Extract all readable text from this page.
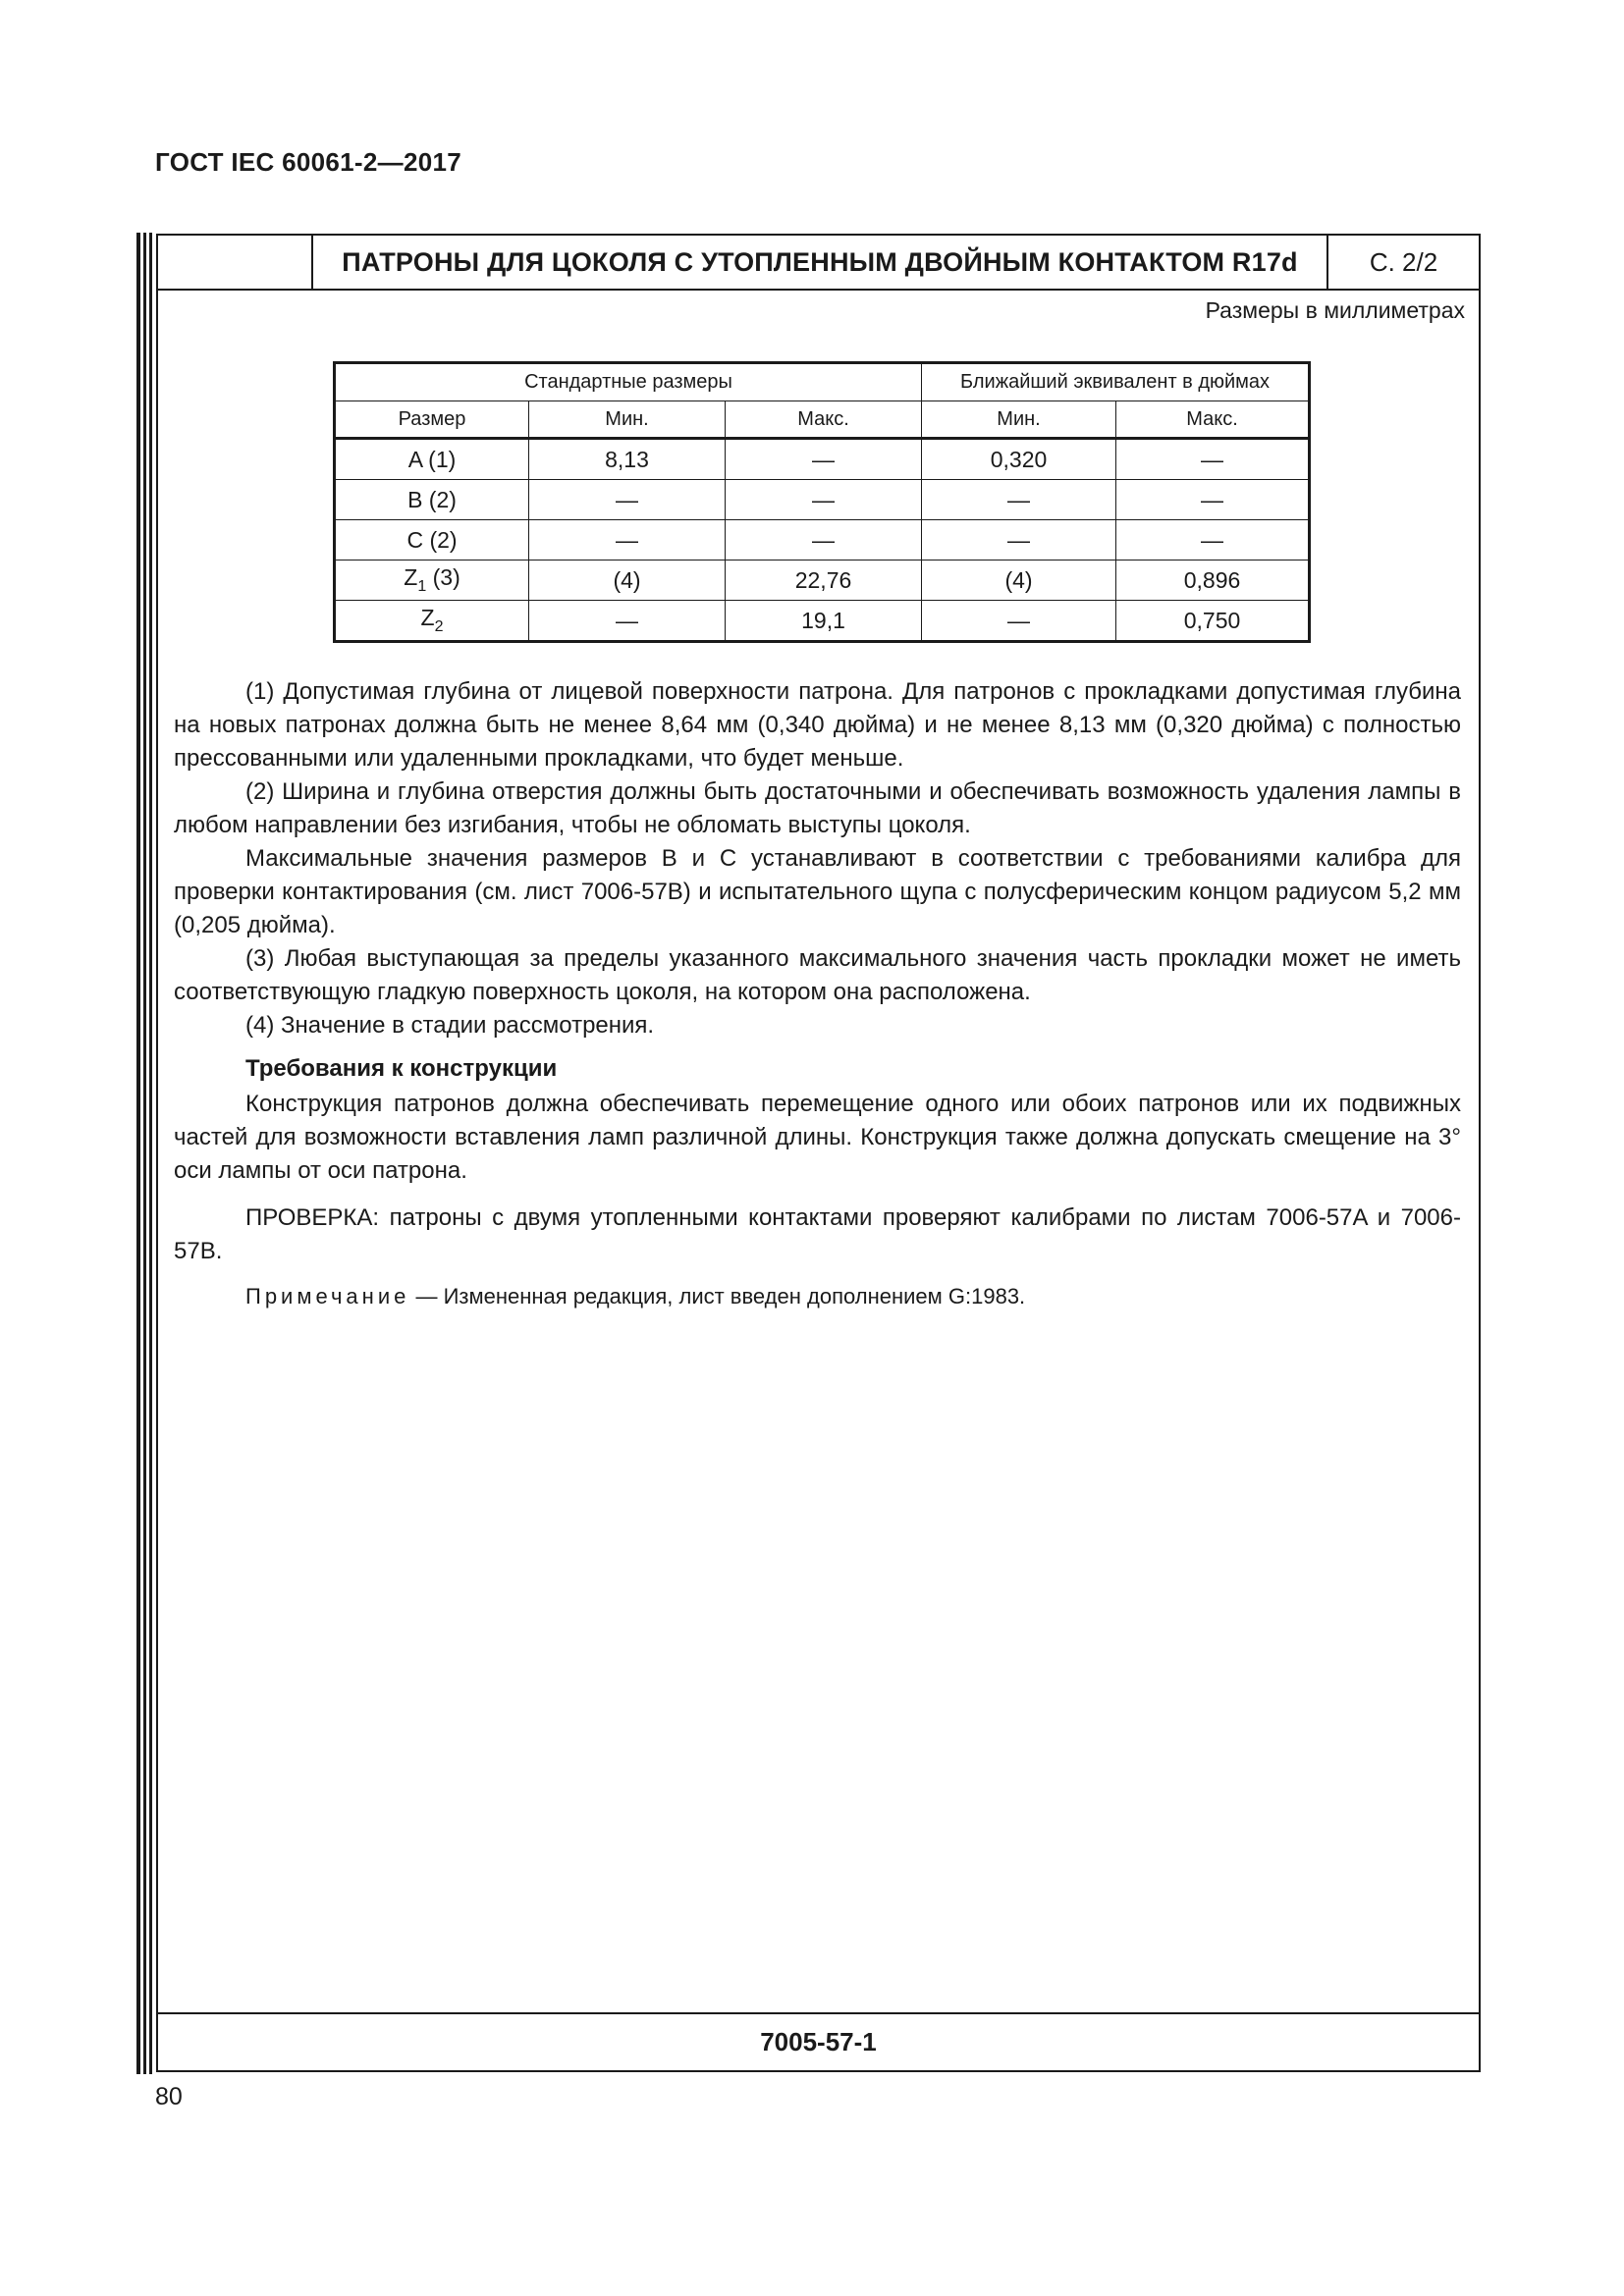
ГОСТ IEC 60061-2—2017
ПАТРОНЫ ДЛЯ ЦОКОЛЯ С УТОПЛЕННЫМ ДВОЙНЫМ КОНТАКТОМ R17d	С. 2/2
Размеры в миллиметрах
Стандартные размеры			Ближайший эквивалент в дюймах	
Размер	Мин.	Макс.	Мин.	Макс.
A (1)	8,13	—	0,320	—
B (2)	—	—	—	—
C (2)	—	—	—	—
$Z_1$ (3)	(4)	22,76	(4)	0,896
$Z_2$	—	19,1	—	0,750

(1) Допустимая глубина от лицевой поверхности патрона. Для патронов с прокладками допустимая глубина на новых патронах должна быть не менее 8,64 мм (0,340 дюйма) и не менее 8,13 мм (0,320 дюйма) с полностью прессованными или удаленными прокладками, что будет меньше.

(2) Ширина и глубина отверстия должны быть достаточными и обеспечивать возможность удаления лампы в любом направлении без изгибания, чтобы не обломать выступы цоколя.

Максимальные значения размеров B и C устанавливают в соответствии с требованиями калибра для проверки контактирования (см. лист 7006-57B) и испытательного щупа с полусферическим концом радиусом 5,2 мм (0,205 дюйма).

(3) Любая выступающая за пределы указанного максимального значения часть прокладки может не иметь соответствующую гладкую поверхность цоколя, на котором она расположена.

(4) Значение в стадии рассмотрения.

Требования к конструкции

Конструкция патронов должна обеспечивать перемещение одного или обоих патронов или их подвижных частей для возможности вставления ламп различной длины. Конструкция также должна допускать смещение на 3° оси лампы от оси патрона.

ПРОВЕРКА: патроны с двумя утопленными контактами проверяют калибрами по листам 7006-57A и 7006-57B.

Примечание — Измененная редакция, лист введен дополнением G:1983.

7005-57-1
80
